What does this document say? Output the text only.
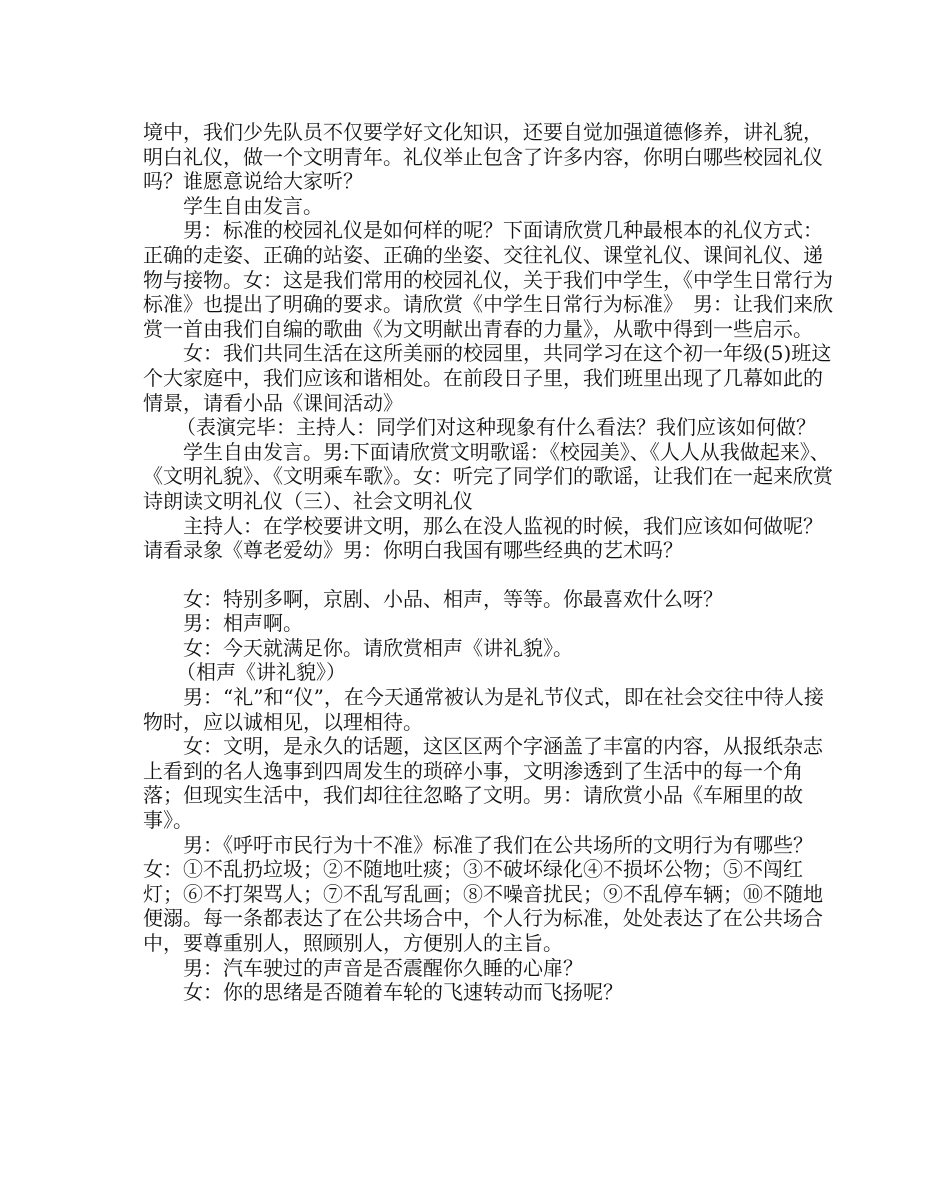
境中，我们少先队员不仅要学好文化知识，还要自觉加强道德修养，讲礼貌，明白礼仪，做一个文明青年。礼仪举止包含了许多内容，你明白哪些校园礼仪吗？谁愿意说给大家听？

学生自由发言。

男：标准的校园礼仪是如何样的呢？下面请欣赏几种最根本的礼仪方式：正确的走姿、正确的站姿、正确的坐姿、交往礼仪、课堂礼仪、课间礼仪、递物与接物。女：这是我们常用的校园礼仪，关于我们中学生，《中学生日常行为标准》也提出了明确的要求。请欣赏《中学生日常行为标准》　男：让我们来欣赏一首由我们自编的歌曲《为文明献出青春的力量》，从歌中得到一些启示。

女：我们共同生活在这所美丽的校园里，共同学习在这个初一年级(5)班这个大家庭中，我们应该和谐相处。在前段日子里，我们班里出现了几幕如此的情景，请看小品《课间活动》

（表演完毕：主持人：同学们对这种现象有什么看法？我们应该如何做？

学生自由发言。男:下面请欣赏文明歌谣：《校园美》、《人人从我做起来》、《文明礼貌》、《文明乘车歌》。女：听完了同学们的歌谣，让我们在一起来欣赏诗朗读文明礼仪（三）、社会文明礼仪

主持人：在学校要讲文明，那么在没人监视的时候，我们应该如何做呢？请看录象《尊老爱幼》男：你明白我国有哪些经典的艺术吗？

女：特别多啊，京剧、小品、相声，等等。你最喜欢什么呀？

男：相声啊。

女：今天就满足你。请欣赏相声《讲礼貌》。

（相声《讲礼貌》）

男：“礼”和“仪”，在今天通常被认为是礼节仪式，即在社会交往中待人接物时，应以诚相见，以理相待。

女：文明，是永久的话题，这区区两个字涵盖了丰富的内容，从报纸杂志上看到的名人逸事到四周发生的琐碎小事，文明渗透到了生活中的每一个角落；但现实生活中，我们却往往忽略了文明。男：请欣赏小品《车厢里的故事》。

男：《呼吁市民行为十不准》标准了我们在公共场所的文明行为有哪些？女：①不乱扔垃圾；②不随地吐痰；③不破坏绿化④不损坏公物；⑤不闯红灯；⑥不打架骂人；⑦不乱写乱画；⑧不噪音扰民；⑨不乱停车辆；⑩不随地便溺。每一条都表达了在公共场合中，个人行为标准，处处表达了在公共场合中，要尊重别人，照顾别人，方便别人的主旨。

男：汽车驶过的声音是否震醒你久睡的心扉？

女：你的思绪是否随着车轮的飞速转动而飞扬呢？
